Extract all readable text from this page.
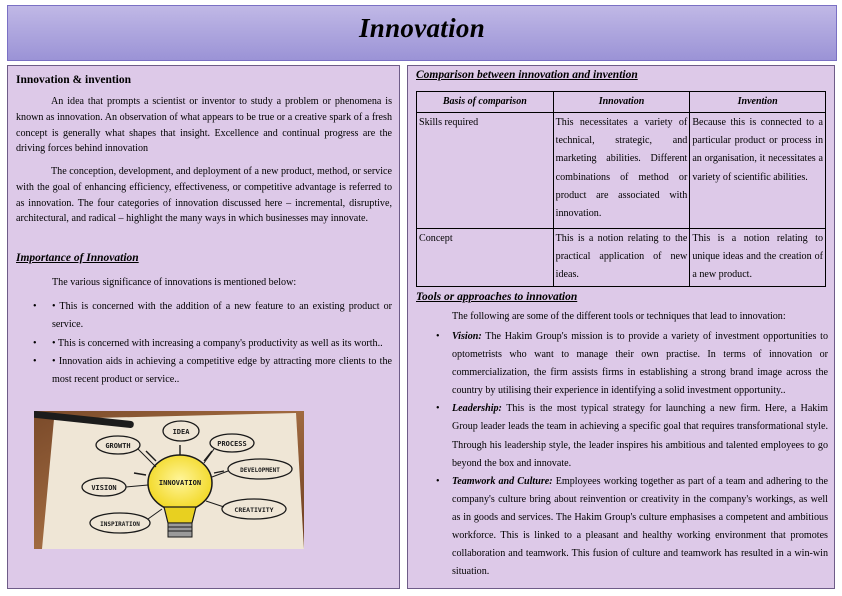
Innovation
Innovation & invention

An idea that prompts a scientist or inventor to study a problem or phenomena is known as innovation. An observation of what appears to be true or a creative spark of a fresh concept is generally what shapes that insight. Excellence and continual progress are the driving forces behind innovation

The conception, development, and deployment of a new product, method, or service with the goal of enhancing efficiency, effectiveness, or competitive advantage is referred to as innovation. The four categories of innovation discussed here – incremental, disruptive, architectural, and radical – highlight the many ways in which businesses may innovate.

Importance of Innovation
The various significance of innovations is mentioned below:
• • This is concerned with the addition of a new feature to an existing product or service.
• • This is concerned with increasing a company's productivity as well as its worth..
• • Innovation aids in achieving a competitive edge by attracting more clients to the most recent product or service..
INNOVATION
IDEA
GROWTH	PROCESS
VISION
DEVELOPMENT
CREATIVITY
INSPIRATION
Comparison between innovation and invention
Basis of comparison	Innovation	Invention
Skills required	This necessitates a variety of technical, strategic, and marketing abilities. Different combinations of method or product are associated with innovation.	Because this is connected to a particular product or process in an organisation, it necessitates a variety of scientific abilities.
Concept	This is a notion relating to the practical application of new ideas.	This is a notion relating to unique ideas and the creation of a new product.
Tools or approaches to innovation
The following are some of the different tools or techniques that lead to innovation:
• Vision: The Hakim Group's mission is to provide a variety of investment opportunities to optometrists who want to manage their own practise. In terms of innovation or commercialization, the firm assists firms in establishing a strong brand image across the country by utilising their experience in identifying a solid investment opportunity..
• Leadership: This is the most typical strategy for launching a new firm. Here, a Hakim Group leader leads the team in achieving a specific goal that requires transformational style. Through his leadership style, the leader inspires his ambitious and talented employees to go beyond the box and innovate.
• Teamwork and Culture: Employees working together as part of a team and adhering to the company's culture bring about reinvention or creativity in the company's workings, as well as in goods and services. The Hakim Group's culture emphasises a competent and ambitious workforce. This is linked to a pleasant and healthy working environment that promotes collaboration and teamwork. This fusion of culture and teamwork has resulted in a win-win situation.
